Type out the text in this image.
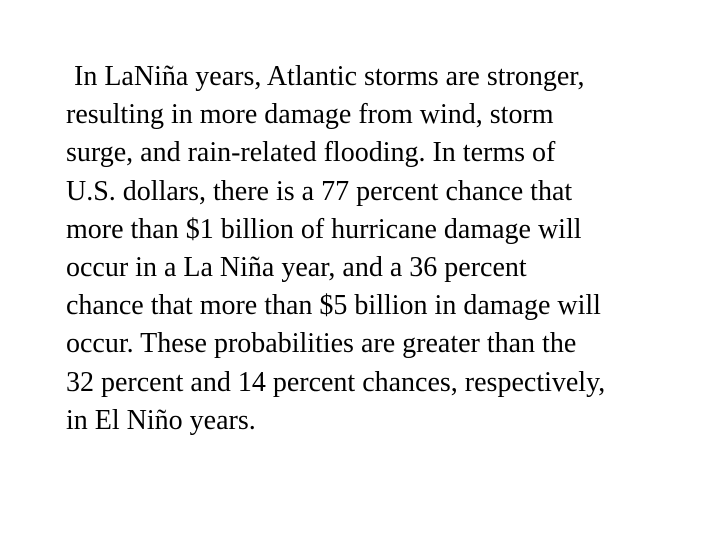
In LaNiña years, Atlantic storms are stronger,
resulting in more damage from wind, storm
surge, and rain-related flooding. In terms of
U.S. dollars, there is a 77 percent chance that
more than $1 billion of hurricane damage will
occur in a La Niña year, and a 36 percent
chance that more than $5 billion in damage will
occur. These probabilities are greater than the
32 percent and 14 percent chances, respectively,
in El Niño years.
